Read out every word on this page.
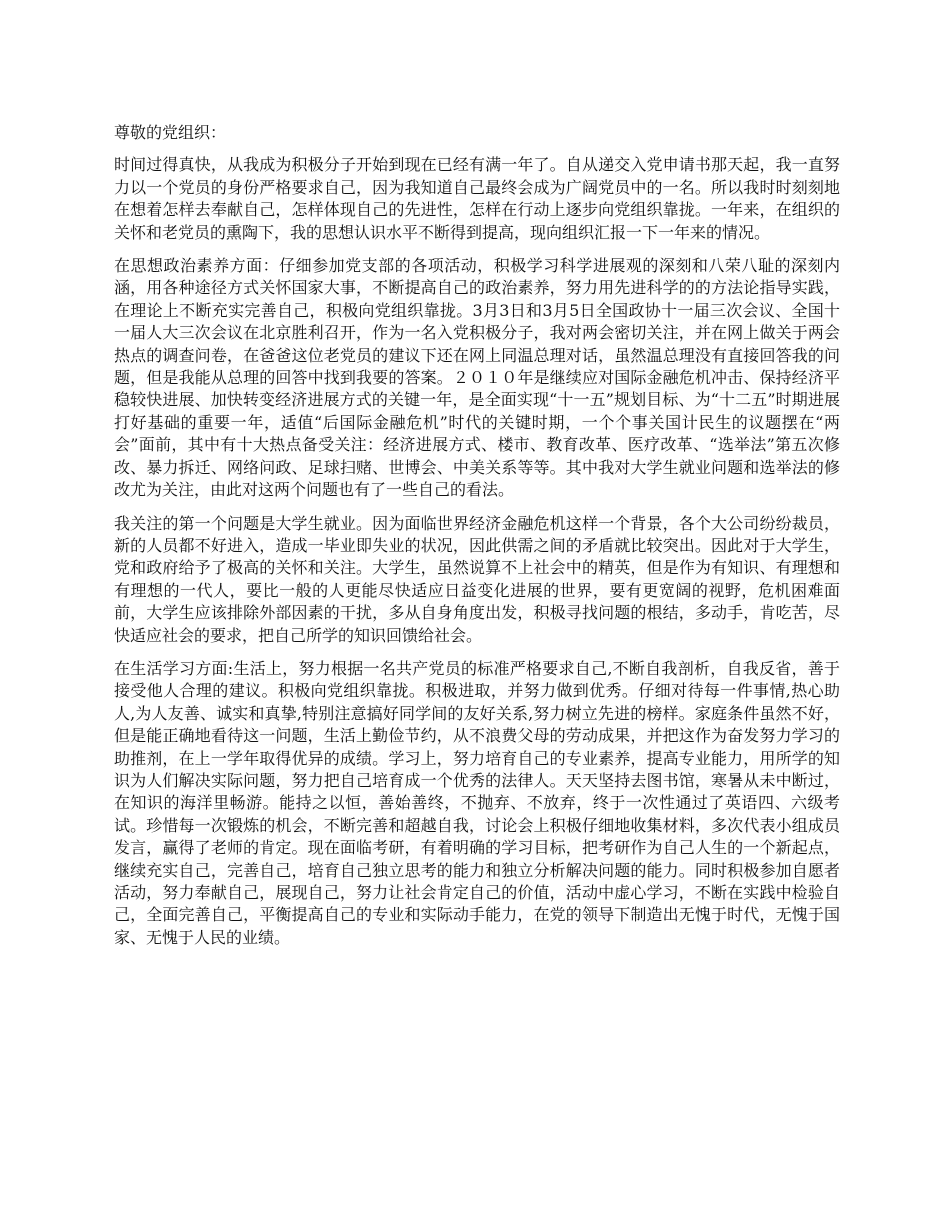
尊敬的党组织：

时间过得真快，从我成为积极分子开始到现在已经有满一年了。自从递交入党申请书那天起，我一直努力以一个党员的身份严格要求自己，因为我知道自己最终会成为广阔党员中的一名。所以我时时刻刻地在想着怎样去奉献自己，怎样体现自己的先进性，怎样在行动上逐步向党组织靠拢。一年来，在组织的关怀和老党员的熏陶下，我的思想认识水平不断得到提高，现向组织汇报一下一年来的情况。

在思想政治素养方面：仔细参加党支部的各项活动，积极学习科学进展观的深刻和八荣八耻的深刻内涵，用各种途径方式关怀国家大事，不断提高自己的政治素养，努力用先进科学的的方法论指导实践，在理论上不断充实完善自己，积极向党组织靠拢。3月3日和3月5日全国政协十一届三次会议、全国十一届人大三次会议在北京胜利召开，作为一名入党积极分子，我对两会密切关注，并在网上做关于两会热点的调查问卷，在爸爸这位老党员的建议下还在网上同温总理对话，虽然温总理没有直接回答我的问题，但是我能从总理的回答中找到我要的答案。２０１０年是继续应对国际金融危机冲击、保持经济平稳较快进展、加快转变经济进展方式的关键一年，是全面实现“十一五”规划目标、为“十二五”时期进展打好基础的重要一年，适值“后国际金融危机”时代的关键时期，一个个事关国计民生的议题摆在“两会”面前，其中有十大热点备受关注：经济进展方式、楼市、教育改革、医疗改革、“选举法”第五次修改、暴力拆迁、网络问政、足球扫赌、世博会、中美关系等等。其中我对大学生就业问题和选举法的修改尤为关注，由此对这两个问题也有了一些自己的看法。

我关注的第一个问题是大学生就业。因为面临世界经济金融危机这样一个背景，各个大公司纷纷裁员，新的人员都不好进入，造成一毕业即失业的状况，因此供需之间的矛盾就比较突出。因此对于大学生，党和政府给予了极高的关怀和关注。大学生，虽然说算不上社会中的精英，但是作为有知识、有理想和有理想的一代人，要比一般的人更能尽快适应日益变化进展的世界，要有更宽阔的视野，危机困难面前，大学生应该排除外部因素的干扰，多从自身角度出发，积极寻找问题的根结，多动手，肯吃苦，尽快适应社会的要求，把自己所学的知识回馈给社会。

在生活学习方面:生活上，努力根据一名共产党员的标准严格要求自己,不断自我剖析，自我反省，善于接受他人合理的建议。积极向党组织靠拢。积极进取，并努力做到优秀。仔细对待每一件事情,热心助人,为人友善、诚实和真挚,特别注意搞好同学间的友好关系,努力树立先进的榜样。家庭条件虽然不好，但是能正确地看待这一问题，生活上勤俭节约，从不浪费父母的劳动成果，并把这作为奋发努力学习的助推剂，在上一学年取得优异的成绩。学习上，努力培育自己的专业素养，提高专业能力，用所学的知识为人们解决实际问题，努力把自己培育成一个优秀的法律人。天天坚持去图书馆，寒暑从未中断过，在知识的海洋里畅游。能持之以恒，善始善终，不抛弃、不放弃，终于一次性通过了英语四、六级考试。珍惜每一次锻炼的机会，不断完善和超越自我，讨论会上积极仔细地收集材料，多次代表小组成员发言，赢得了老师的肯定。现在面临考研，有着明确的学习目标，把考研作为自己人生的一个新起点，继续充实自己，完善自己，培育自己独立思考的能力和独立分析解决问题的能力。同时积极参加自愿者活动，努力奉献自己，展现自己，努力让社会肯定自己的价值，活动中虚心学习，不断在实践中检验自己，全面完善自己，平衡提高自己的专业和实际动手能力，在党的领导下制造出无愧于时代，无愧于国家、无愧于人民的业绩。
